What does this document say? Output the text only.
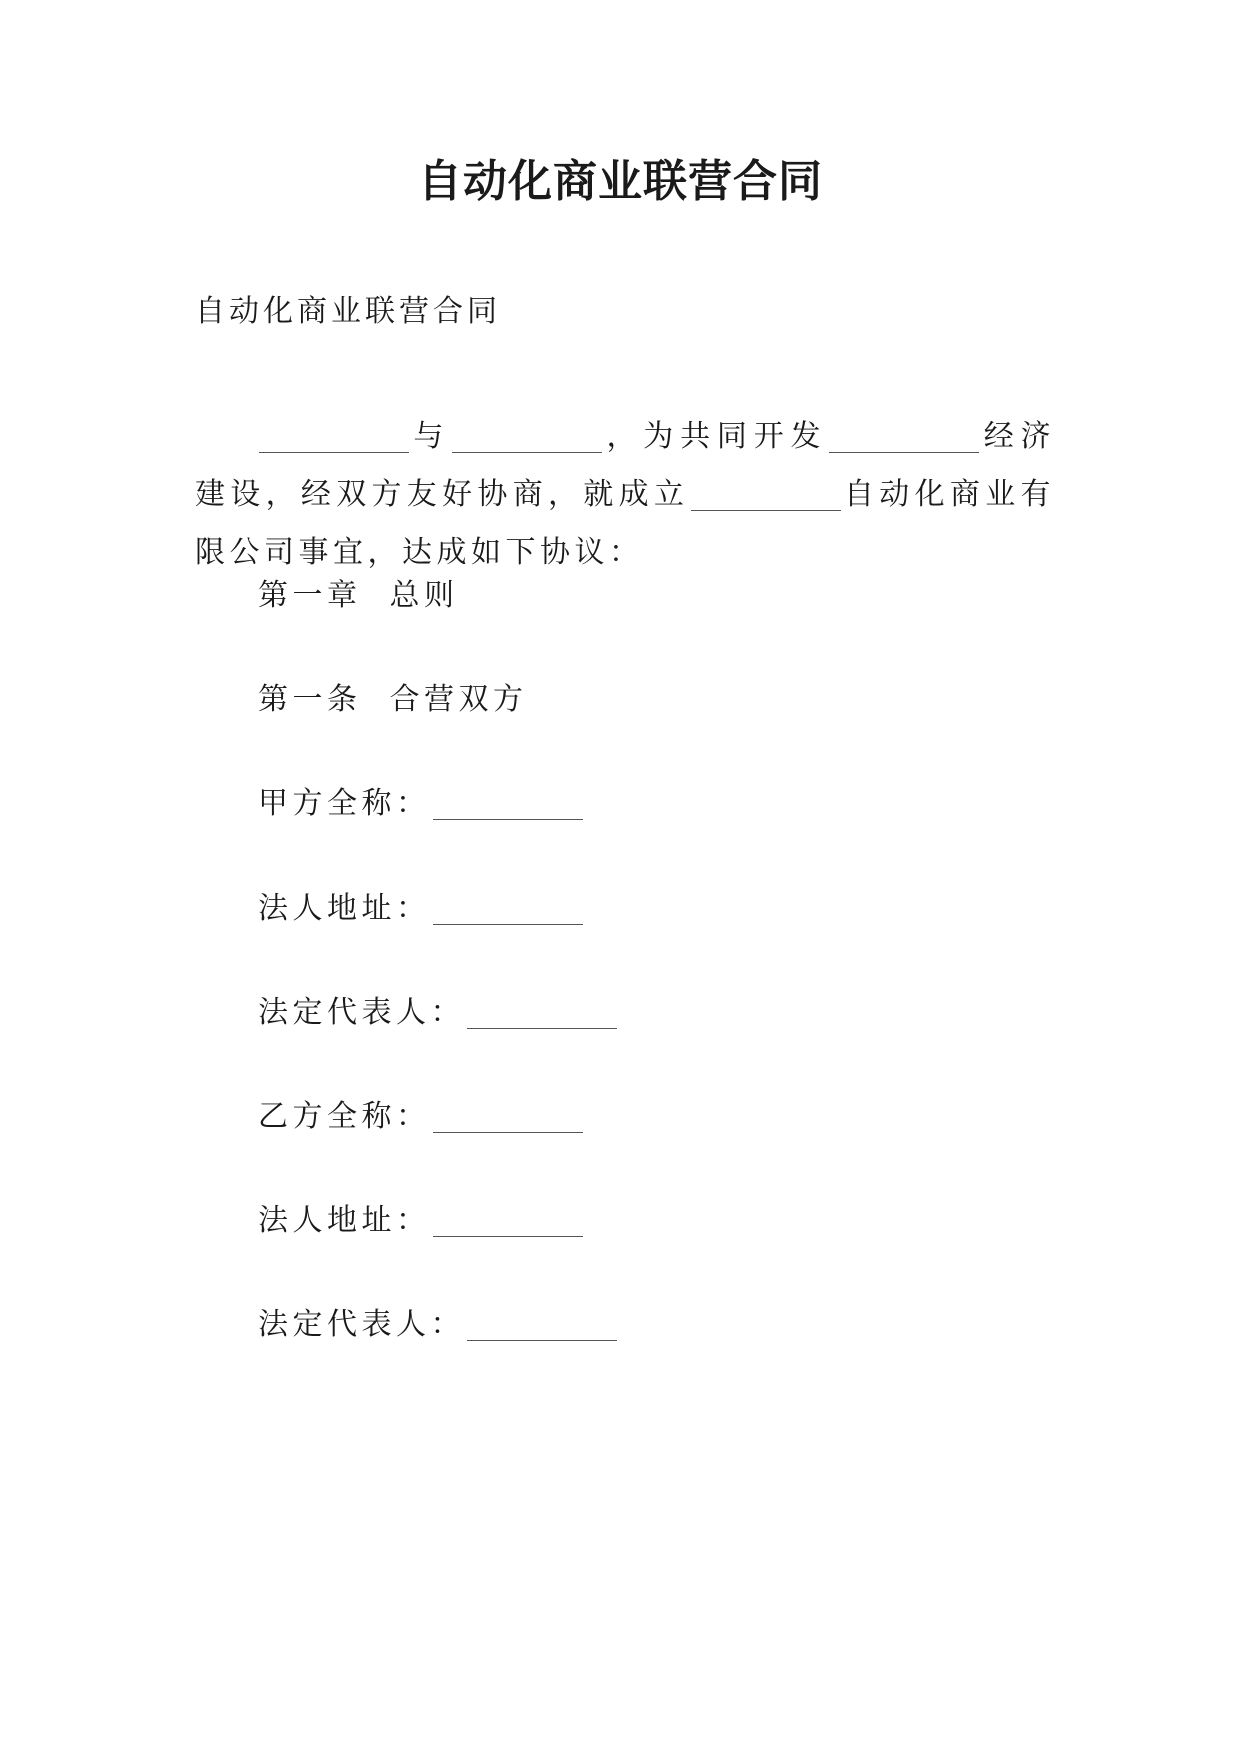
自动化商业联营合同

自动化商业联营合同

与	，为共同开发	经济建设，经双方友好协商，就成立	自动化商业有限公司事宜，达成如下协议：

第一章 总则

第一条 合营双方

甲方全称：

法人地址：

法定代表人：

乙方全称：

法人地址：

法定代表人：
